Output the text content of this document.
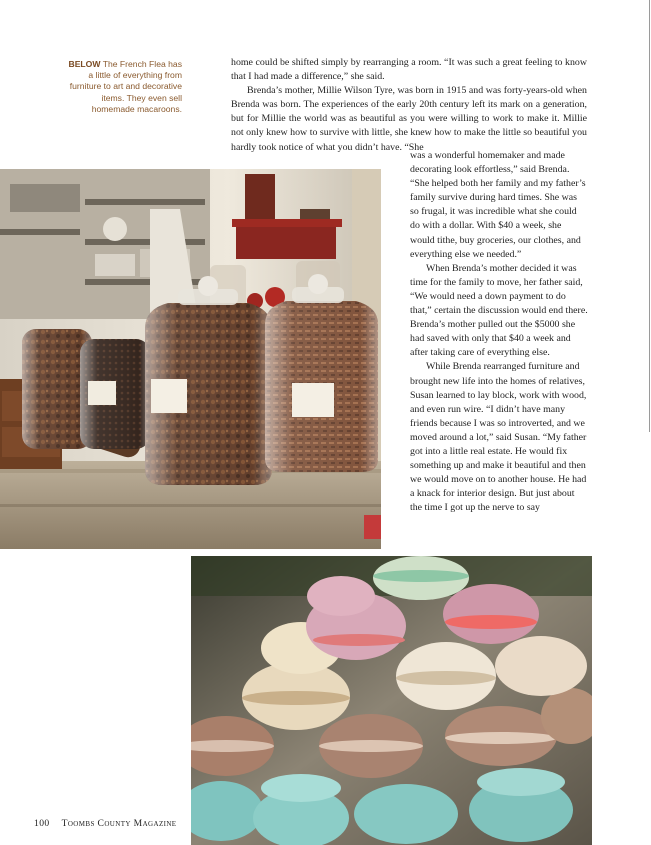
BELOW The French Flea has a little of everything from furniture to art and decorative items. They even sell homemade macaroons.

home could be shifted simply by rearranging a room. “It was such a great feeling to know that I had made a difference,” she said.

Brenda’s mother, Millie Wilson Tyre, was born in 1915 and was forty-years-old when Brenda was born. The experiences of the early 20th century left its mark on a generation, but for Millie the world was as beautiful as you were willing to work to make it. Millie not only knew how to survive with little, she knew how to make the little so beautiful you hardly took notice of what you didn’t have. “She

was a wonderful homemaker and made decorating look effortless,” said Brenda. “She helped both her family and my father’s family survive during hard times. She was so frugal, it was incredible what she could do with a dollar. With $40 a week, she would tithe, buy groceries, our clothes, and everything else we needed.”

When Brenda’s mother decided it was time for the family to move, her father said, “We would need a down payment to do that,” certain the discussion would end there. Brenda’s mother pulled out the $5000 she had saved with only that $40 a week and after taking care of everything else.

While Brenda rearranged furniture and brought new life into the homes of relatives, Susan learned to lay block, work with wood, and even run wire. “I didn’t have many friends because I was so introverted, and we moved around a lot,” said Susan. “My father got into a little real estate. He would fix something up and make it beautiful and then we would move on to another house. He had a knack for interior design. But just about the time I got up the nerve to say

100 Toombs County Magazine
